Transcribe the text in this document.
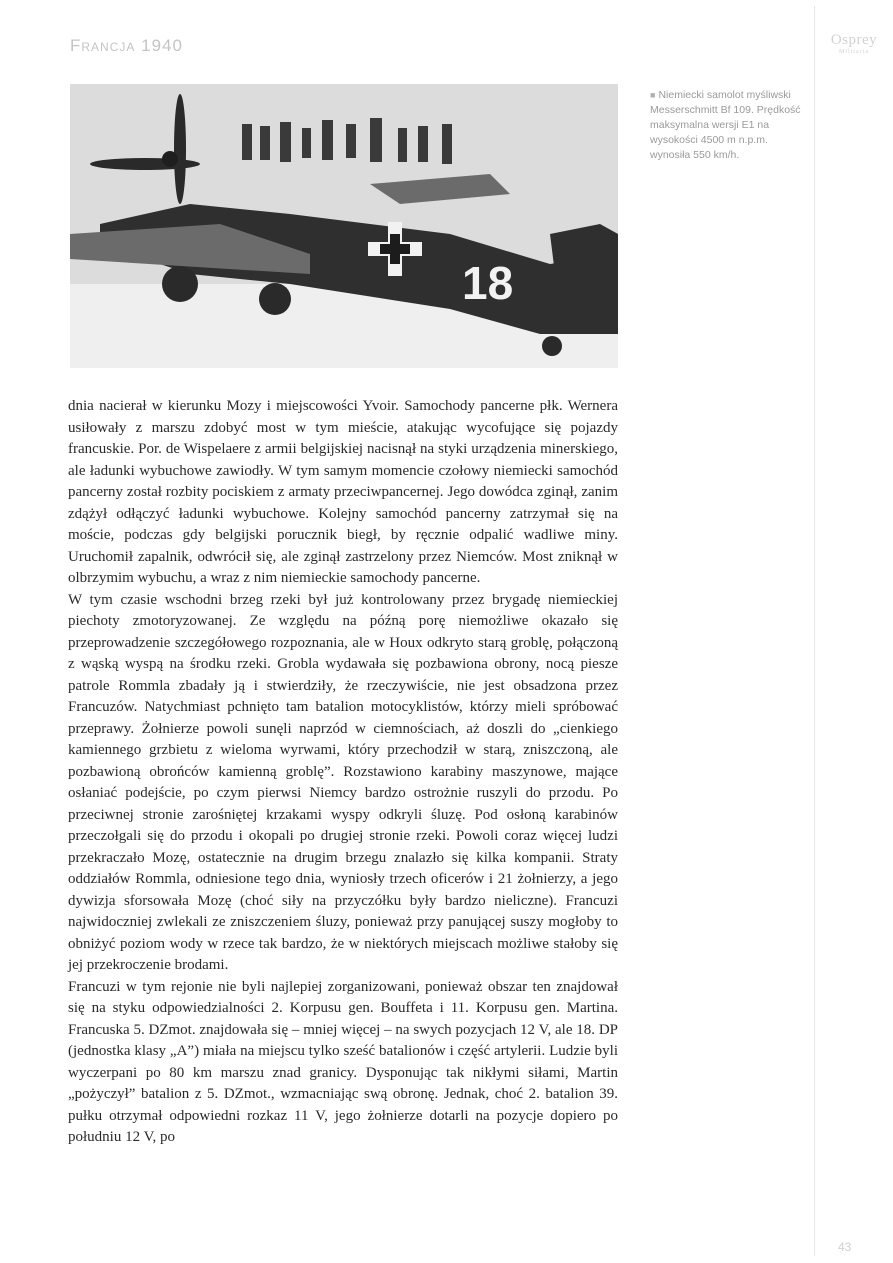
Francja 1940	Osprey
Militaria
18
■ Niemiecki samolot myśliwski Messerschmitt Bf 109. Prędkość maksymalna wersji E1 na wysokości 4500 m n.p.m. wynosiła 550 km/h.

dnia nacierał w kierunku Mozy i miejscowości Yvoir. Samochody pancerne płk. Wernera usiłowały z marszu zdobyć most w tym mieście, atakując wycofujące się pojazdy francuskie. Por. de Wispelaere z armii belgijskiej nacisnął na styki urządzenia minerskiego, ale ładunki wybuchowe zawiodły. W tym samym momencie czołowy niemiecki samochód pancerny został rozbity pociskiem z armaty przeciwpancernej. Jego dowódca zginął, zanim zdążył odłączyć ładunki wybuchowe. Kolejny samochód pancerny zatrzymał się na moście, podczas gdy belgijski porucznik biegł, by ręcznie odpalić wadliwe miny. Uruchomił zapalnik, odwrócił się, ale zginął zastrzelony przez Niemców. Most zniknął w olbrzymim wybuchu, a wraz z nim niemieckie samochody pancerne.

W tym czasie wschodni brzeg rzeki był już kontrolowany przez brygadę niemieckiej piechoty zmotoryzowanej. Ze względu na późną porę niemożliwe okazało się przeprowadzenie szczegółowego rozpoznania, ale w Houx odkryto starą groblę, połączoną z wąską wyspą na środku rzeki. Grobla wydawała się pozbawiona obrony, nocą piesze patrole Rommla zbadały ją i stwierdziły, że rzeczywiście, nie jest obsadzona przez Francuzów. Natychmiast pchnięto tam batalion motocyklistów, którzy mieli spróbować przeprawy. Żołnierze powoli sunęli naprzód w ciemnościach, aż doszli do „cienkiego kamiennego grzbietu z wieloma wyrwami, który przechodził w starą, zniszczoną, ale pozbawioną obrońców kamienną groblę”. Rozstawiono karabiny maszynowe, mające osłaniać podejście, po czym pierwsi Niemcy bardzo ostrożnie ruszyli do przodu. Po przeciwnej stronie zarośniętej krzakami wyspy odkryli śluzę. Pod osłoną karabinów przeczołgali się do przodu i okopali po drugiej stronie rzeki. Powoli coraz więcej ludzi przekraczało Mozę, ostatecznie na drugim brzegu znalazło się kilka kompanii. Straty oddziałów Rommla, odniesione tego dnia, wyniosły trzech oficerów i 21 żołnierzy, a jego dywizja sforsowała Mozę (choć siły na przyczółku były bardzo nieliczne). Francuzi najwidoczniej zwlekali ze zniszczeniem śluzy, ponieważ przy panującej suszy mogłoby to obniżyć poziom wody w rzece tak bardzo, że w niektórych miejscach możliwe stałoby się jej przekroczenie brodami.

Francuzi w tym rejonie nie byli najlepiej zorganizowani, ponieważ obszar ten znajdował się na styku odpowiedzialności 2. Korpusu gen. Bouffeta i 11. Korpusu gen. Martina. Francuska 5. DZmot. znajdowała się – mniej więcej – na swych pozycjach 12 V, ale 18. DP (jednostka klasy „A”) miała na miejscu tylko sześć batalionów i część artylerii. Ludzie byli wyczerpani po 80 km marszu znad granicy. Dysponując tak nikłymi siłami, Martin „pożyczył” batalion z 5. DZmot., wzmacniając swą obronę. Jednak, choć 2. batalion 39. pułku otrzymał odpowiedni rozkaz 11 V, jego żołnierze dotarli na pozycje dopiero po południu 12 V, po

43
